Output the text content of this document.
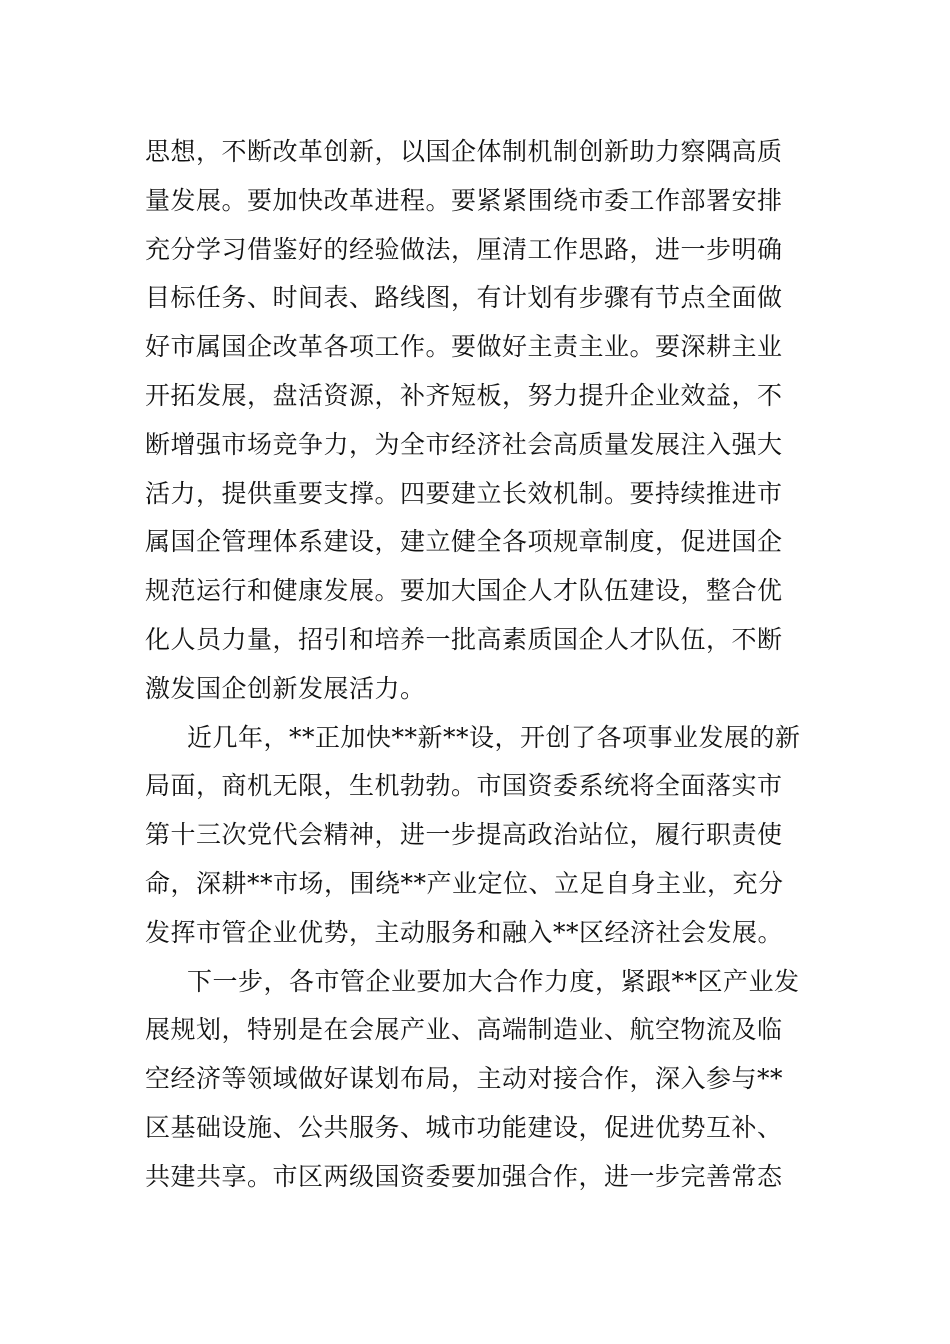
思想，不断改革创新，以国企体制机制创新助力察隅高质
量发展。要加快改革进程。要紧紧围绕市委工作部署安排
充分学习借鉴好的经验做法，厘清工作思路，进一步明确
目标任务、时间表、路线图，有计划有步骤有节点全面做
好市属国企改革各项工作。要做好主责主业。要深耕主业
开拓发展，盘活资源，补齐短板，努力提升企业效益，不
断增强市场竞争力，为全市经济社会高质量发展注入强大
活力，提供重要支撑。四要建立长效机制。要持续推进市
属国企管理体系建设，建立健全各项规章制度，促进国企
规范运行和健康发展。要加大国企人才队伍建设，整合优
化人员力量，招引和培养一批高素质国企人才队伍，不断
激发国企创新发展活力。
近几年，**正加快**新**设，开创了各项事业发展的新
局面，商机无限，生机勃勃。市国资委系统将全面落实市
第十三次党代会精神，进一步提高政治站位，履行职责使
命，深耕**市场，围绕**产业定位、立足自身主业，充分
发挥市管企业优势，主动服务和融入**区经济社会发展。
下一步，各市管企业要加大合作力度，紧跟**区产业发
展规划，特别是在会展产业、高端制造业、航空物流及临
空经济等领域做好谋划布局，主动对接合作，深入参与**
区基础设施、公共服务、城市功能建设，促进优势互补、
共建共享。市区两级国资委要加强合作，进一步完善常态
